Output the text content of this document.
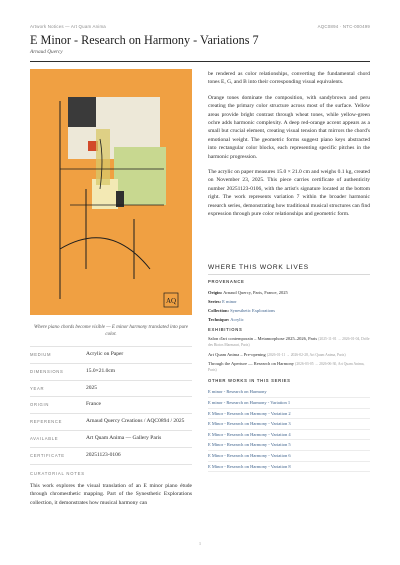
Artwork Notices — Art Quam Anima	AQC0894 · NTC-000499
E Minor - Research on Harmony - Variations 7
Arnaud Quercy
AQ
Where piano chords become visible — E minor harmony translated into pure color.
MEDIUM	Acrylic on Paper
DIMENSIONS	15.0×21.0cm
YEAR	2025
ORIGIN	France
REFERENCE	Arnaud Quercy Creations / AQC0894 / 2025
AVAILABLE	Art Quam Anima — Gallery Paris
CERTIFICATE	20251123-0106
CURATORIAL NOTES
This work explores the visual translation of an E minor piano étude through chromesthetic mapping. Part of the Synesthetic Explorations collection, it demonstrates how musical harmony can

be rendered as color relationships, converting the fundamental chord tones E, G, and B into their corresponding visual equivalents.

Orange tones dominate the composition, with sandybrown and peru creating the primary color structure across most of the surface. Yellow areas provide bright contrast through wheat tones, while yellow-green ochre adds harmonic complexity. A deep red-orange accent appears as a small but crucial element, creating visual tension that mirrors the chord's emotional weight. The geometric forms suggest piano keys abstracted into rectangular color blocks, each representing specific pitches in the harmonic progression.

The acrylic on paper measures 15.0 × 21.0 cm and weighs 0.1 kg, created on November 23, 2025. This piece carries certificate of authenticity number 20251123-0106, with the artist's signature located at the bottom right. The work represents variation 7 within the broader harmonic research series, demonstrating how traditional musical structures can find expression through pure color relationships and geometric form.

WHERE THIS WORK LIVES
PROVENANCE
Origin: Arnaud Quercy, Paris, France, 2025
Series: E minor
Collection: Synesthetic Explorations
Technique: Acrylic
EXHIBITIONS
Salon d'art contemporain – Metamorphose 2025–2026, Paris (2025-11-01 → 2026-01-04, Drôle des Biotos Marmauri, Paris)
Art Quam Anima – Pre-opening (2026-01-11 → 2026-02-28, Art Quam Anima, Paris)
Through the Aperture — Research on Harmony (2026-03-05 → 2026-06-30, Art Quam Anima, Paris)
OTHER WORKS IN THIS SERIES
E minor - Research on Harmony
E minor - Research on Harmony - Variation 1
E Minor - Research on Harmony - Variation 2
E Minor - Research on Harmony - Variation 3
E Minor - Research on Harmony - Variation 4
E Minor - Research on Harmony - Variation 5
E Minor - Research on Harmony - Variation 6
E Minor - Research on Harmony - Variation 8
1
